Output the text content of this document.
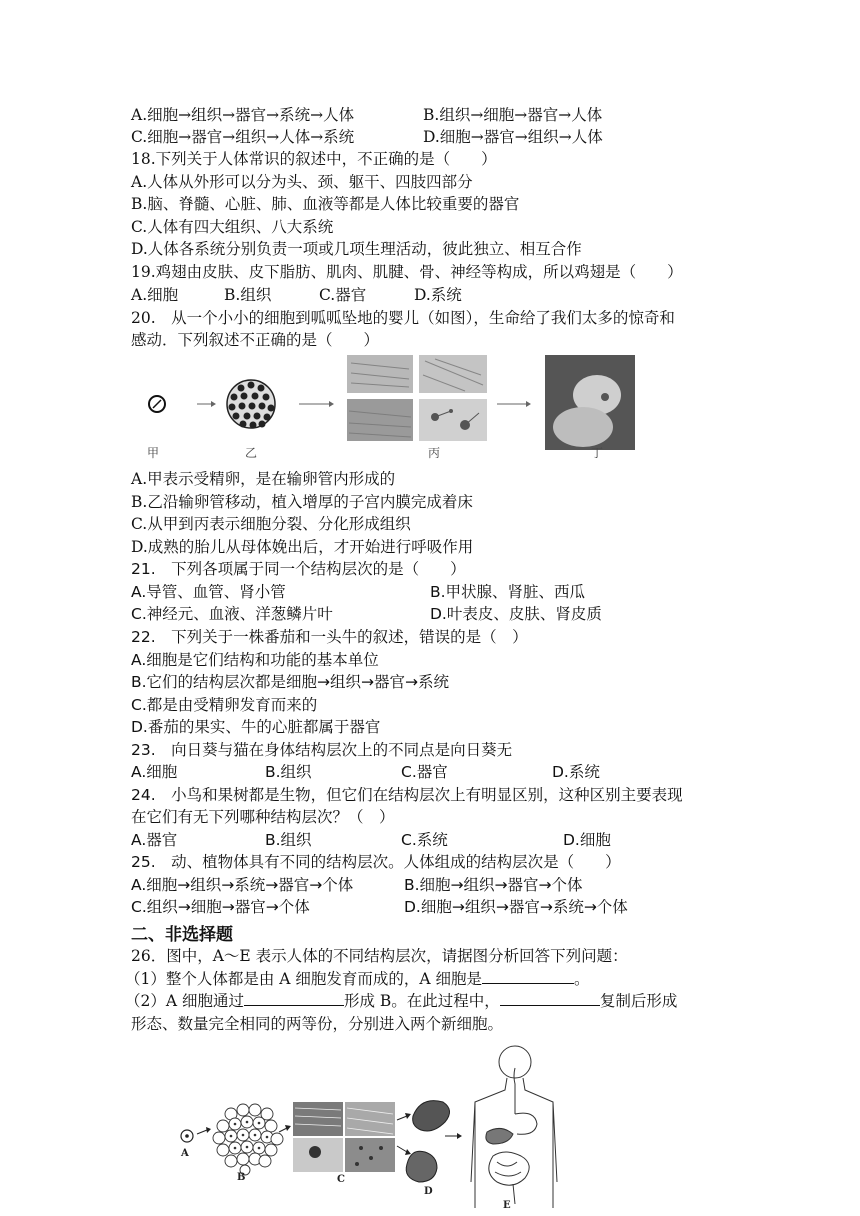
A.细胞→组织→器官→系统→人体	B.组织→细胞→器官→人体
C.细胞→器官→组织→人体→系统	D.细胞→器官→组织→人体
18.下列关于人体常识的叙述中，不正确的是（　　）
A.人体从外形可以分为头、颈、躯干、四肢四部分
B.脑、脊髓、心脏、肺、血液等都是人体比较重要的器官
C.人体有四大组织、八大系统
D.人体各系统分别负责一项或几项生理活动，彼此独立、相互合作
19.鸡翅由皮肤、皮下脂肪、肌肉、肌腱、骨、神经等构成，所以鸡翅是（　　）
A.细胞	B.组织	C.器官	D.系统
20.　从一个小小的细胞到呱呱坠地的婴儿（如图），生命给了我们太多的惊奇和
感动．下列叙述不正确的是（　　）
甲	乙	丙	丁
A.甲表示受精卵，是在输卵管内形成的
B.乙沿输卵管移动，植入增厚的子宫内膜完成着床
C.从甲到丙表示细胞分裂、分化形成组织
D.成熟的胎儿从母体娩出后，才开始进行呼吸作用
21.　下列各项属于同一个结构层次的是（　　）
A.导管、血管、肾小管	B.甲状腺、肾脏、西瓜
C.神经元、血液、洋葱鳞片叶	D.叶表皮、皮肤、肾皮质
22.　下列关于一株番茄和一头牛的叙述，错误的是（　）
A.细胞是它们结构和功能的基本单位
B.它们的结构层次都是细胞→组织→器官→系统
C.都是由受精卵发育而来的
D.番茄的果实、牛的心脏都属于器官
23.　向日葵与猫在身体结构层次上的不同点是向日葵无
A.细胞	B.组织	C.器官	D.系统
24.　小鸟和果树都是生物，但它们在结构层次上有明显区别，这种区别主要表现
在它们有无下列哪种结构层次？（　）
A.器官	B.组织	C.系统	D.细胞
25.　动、植物体具有不同的结构层次。人体组成的结构层次是（　　）
A.细胞→组织→系统→器官→个体	B.细胞→组织→器官→个体
C.组织→细胞→器官→个体	D.细胞→组织→器官→系统→个体
二、非选择题
26．图中，A～E 表示人体的不同结构层次，请据图分析回答下列问题：
（1）整个人体都是由 A 细胞发育而成的，A 细胞是	。
（2）A 细胞通过	形成 B。在此过程中，	复制后形成
形态、数量完全相同的两等份，分别进入两个新细胞。
A
B	C
D
E
